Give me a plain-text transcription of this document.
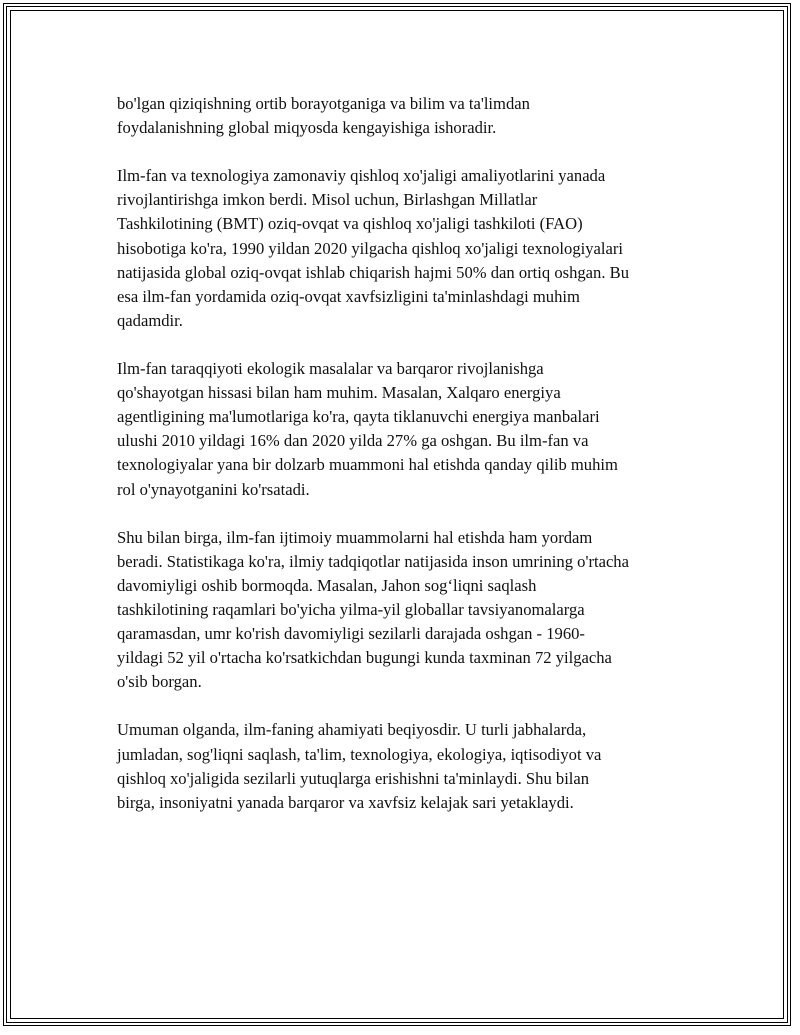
bo'lgan qiziqishning ortib borayotganiga va bilim va ta'limdan
foydalanishning global miqyosda kengayishiga ishoradir.

Ilm-fan va texnologiya zamonaviy qishloq xo'jaligi amaliyotlarini yanada
rivojlantirishga imkon berdi. Misol uchun, Birlashgan Millatlar
Tashkilotining (BMT) oziq-ovqat va qishloq xo'jaligi tashkiloti (FAO)
hisobotiga ko'ra, 1990 yildan 2020 yilgacha qishloq xo'jaligi texnologiyalari
natijasida global oziq-ovqat ishlab chiqarish hajmi 50% dan ortiq oshgan. Bu
esa ilm-fan yordamida oziq-ovqat xavfsizligini ta'minlashdagi muhim
qadamdir.

Ilm-fan taraqqiyoti ekologik masalalar va barqaror rivojlanishga
qo'shayotgan hissasi bilan ham muhim. Masalan, Xalqaro energiya
agentligining ma'lumotlariga ko'ra, qayta tiklanuvchi energiya manbalari
ulushi 2010 yildagi 16% dan 2020 yilda 27% ga oshgan. Bu ilm-fan va
texnologiyalar yana bir dolzarb muammoni hal etishda qanday qilib muhim
rol o'ynayotganini ko'rsatadi.

Shu bilan birga, ilm-fan ijtimoiy muammolarni hal etishda ham yordam
beradi. Statistikaga ko'ra, ilmiy tadqiqotlar natijasida inson umrining o'rtacha
davomiyligi oshib bormoqda. Masalan, Jahon sog‘liqni saqlash
tashkilotining raqamlari bo'yicha yilma-yil globallar tavsiyanomalarga
qaramasdan, umr ko'rish davomiyligi sezilarli darajada oshgan - 1960-
yildagi 52 yil o'rtacha ko'rsatkichdan bugungi kunda taxminan 72 yilgacha
o'sib borgan.

Umuman olganda, ilm-faning ahamiyati beqiyosdir. U turli jabhalarda,
jumladan, sog'liqni saqlash, ta'lim, texnologiya, ekologiya, iqtisodiyot va
qishloq xo'jaligida sezilarli yutuqlarga erishishni ta'minlaydi. Shu bilan
birga, insoniyatni yanada barqaror va xavfsiz kelajak sari yetaklaydi.
